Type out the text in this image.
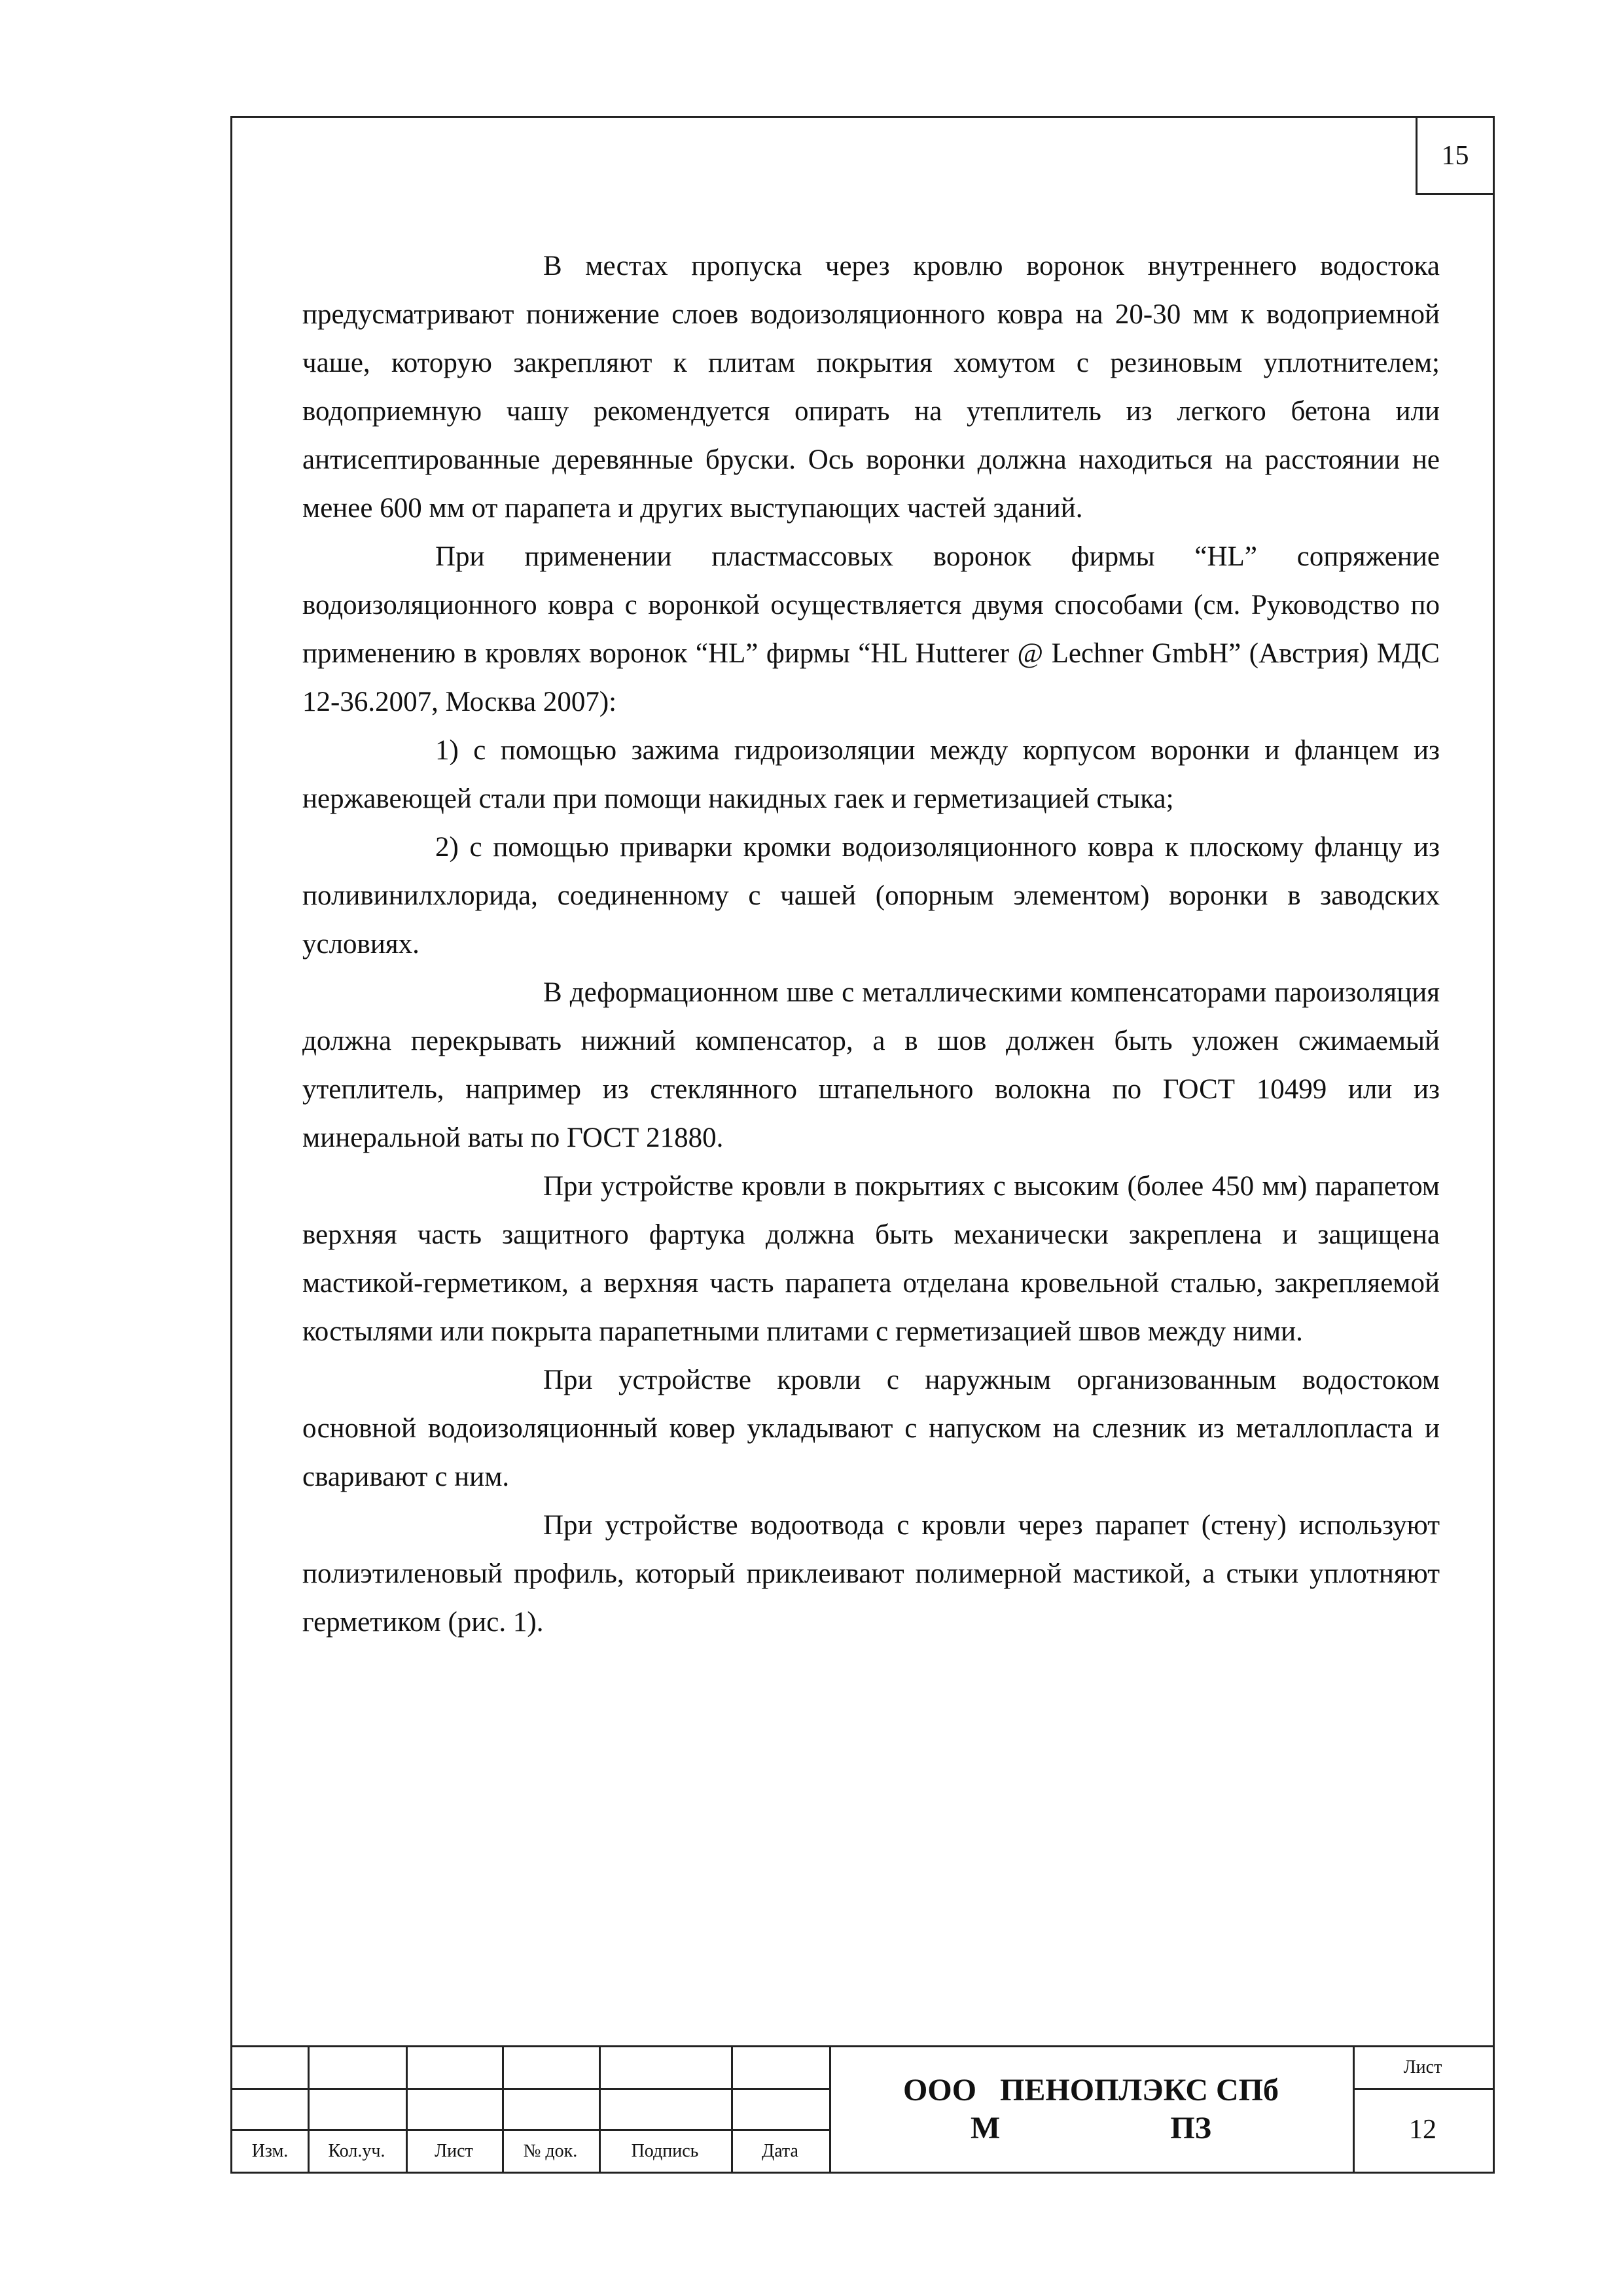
15

В местах пропуска через кровлю воронок внутреннего водостока предусматривают понижение слоев водоизоляционного ковра на 20-30 мм к водоприемной чаше, которую закрепляют к плитам покрытия хомутом с резиновым уплотнителем; водоприемную чашу рекомендуется опирать на утеплитель из легкого бетона или антисептированные деревянные бруски. Ось воронки должна находиться на расстоянии не менее 600 мм от парапета и других выступающих частей зданий.

При применении пластмассовых воронок фирмы “HL” сопряжение водоизоляционного ковра с воронкой осуществляется двумя способами (см. Руководство по применению в кровлях воронок “HL” фирмы “HL Hutterer @ Lechner GmbH” (Австрия) МДС 12-36.2007, Москва 2007):

1) с помощью зажима гидроизоляции между корпусом воронки и фланцем из нержавеющей стали при помощи накидных гаек и герметизацией стыка;

2) с помощью приварки кромки водоизоляционного ковра к плоскому фланцу из поливинилхлорида, соединенному с чашей (опорным элементом) воронки в заводских условиях.

В деформационном шве с металлическими компенсаторами пароизоляция должна перекрывать нижний компенсатор, а в шов должен быть уложен сжимаемый утеплитель, например из стеклянного штапельного волокна по ГОСТ 10499 или из минеральной ваты по ГОСТ 21880.

При устройстве кровли в покрытиях с высоким (более 450 мм) парапетом верхняя часть защитного фартука должна быть механически закреплена и защищена мастикой-герметиком, а верхняя часть парапета отделана кровельной сталью, закрепляемой костылями или покрыта парапетными плитами с герметизацией швов между ними.

При устройстве кровли с наружным организованным водостоком основной водоизоляционный ковер укладывают с напуском на слезник из металлопласта и сваривают с ним.

При устройстве водоотвода с кровли через парапет (стену) используют полиэтиленовый профиль, который приклеивают полимерной мастикой, а стыки уплотняют герметиком (рис. 1).

Изм.	Кол.уч.	Лист	№ док.	Подпись	Дата
ООО   ПЕНОПЛЭКС СПб
М	ПЗ
Лист
12
